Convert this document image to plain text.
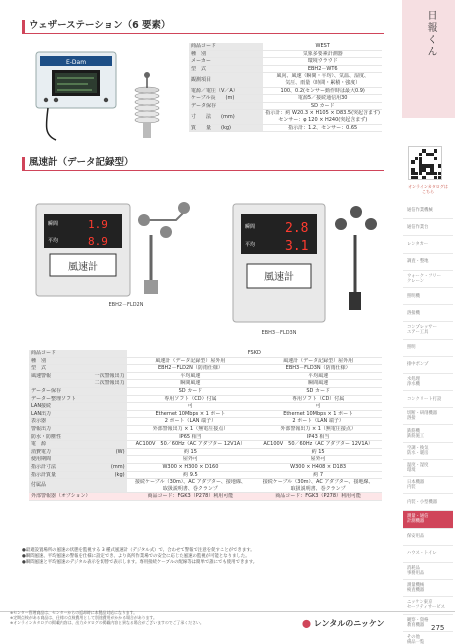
日報くん
オンラインカタログは
こちら
通信作業機械
通信作業台
レンタカー
調査・整地
ウォーク・フリー
クレーン
照明機
溶接機
コンプレッサー
エアー工具
照明
排中ポンプ
水処理
浄水機
コンクリート打設
切断・研削機器
溶接
鉄筋機
鉄筋施工
空調・換気
防水・暖房
温度・湿度
環境
日本機器
内装
内装・小型機器
測量・通信
計測機器
保安用品
ハウス・トイレ
消耗品
事務用品
測量機械
検査機器
ニッケン東京
セーフティサービス
観察・資格
教育機器
その他
備品一覧
ウェザーステーション（6 要素）
E-Dam
商品コード	WEST
種　別	気象多要素計測器
メーカー	環境ウラウド
型　式	EBH2－WT6
観測項目	風向、風速（瞬間・平均）、気温、湿度、
気圧、雨量（時間・累積・強度）
電源／電圧（V／A）	100、0.2(センサー動作時は最大0.9)
ケーブル長　　(m)	電源5／接続通信用30
データ保存	SD カード
寸　　法　　(mm)	指示計：約 W20.3 × H105 × D83.5(突起含まず)
センサー：φ 120 × H240(突起含まず)
質　　量　　(kg)	指示計：1.2、センサー：0.65
風速計（データ記録型）
瞬間	1.9
平均	8.9
風速計
EBH2－FLD2N
瞬間 2.8
平均 3.1
風速計
EBH3－FLD3N
商品コード		FSKD	
種　別		風速計（データ記録型）屋外用	風速計（データ記録型）屋外用
型　式		EBH2－FLD2N（防雨仕様）	EBH3－FLD3N（防雨仕様）
風速警報	一次警報出力	平均風速	平均風速
	二次警報出力	瞬間風速	瞬間風速
データー保存		SD カード	SD カード
データー整理ソフト		専用ソフト（CD）付属	専用ソフト（CD）付属
LAN接続		可	可
LAN出力		Ethernet 10Mbps × 1 ポート	Ethernet 10Mbps × 1 ポート
表示器		2 ポート（LAN 端子）	2 ポート（LAN 端子）
警報出力		外部警報出力 × 1（無電圧接点）	外部警報出力 × 1（無電圧接点）
防水・防塵性		IP65 相当	IP43 相当
電　源		AC100V　50／60Hz（AC アダプター 12V1A）	AC100V　50／60Hz（AC アダプター 12V1A）
消費電力	(W)	約 15	約 15
使用期間		屋外可	屋外可
指示計寸法	(mm)	W300 × H300 × D160	W300 × H408 × D183
指示計質量	(kg)	約 9.5	約 7
付属品		接続ケーブル（30m）、AC アダプター、接地線、
取扱説明書、巻クランプ	接続ケーブル（30m）、AC アダプター、接地線、
取扱説明書、巻クランプ
外部警報器（オプション）		商品コード：FGK3（P278）利用可能	商品コード：FGK3（P278）利用可能
●最適設置場所の風速の状態を監視する 3 種式風速計（デジタル式）で、合わせて警報で注意を促すことができます。
●瞬間風速、平均風速の警報を仕様に設定でき、より高所作業場での安全に応じた風速の監視が可能となりました。
●瞬間風速と平均風速のデジタル表示を切替で表示します。専用接続ケーブルの配線等は簡単で誰にでも使用できます。
※センター管理商品は、センターからの返却時に本製品対応になります。
※定期点検がある商品は、仕様の点検費用として別途費用がかかる場合があります。
※オンラインカタログの掲載内容は、出力カタログの掲載内容と異なる場合がございますのでご了承ください。	⬤ レンタルのニッケン	275
